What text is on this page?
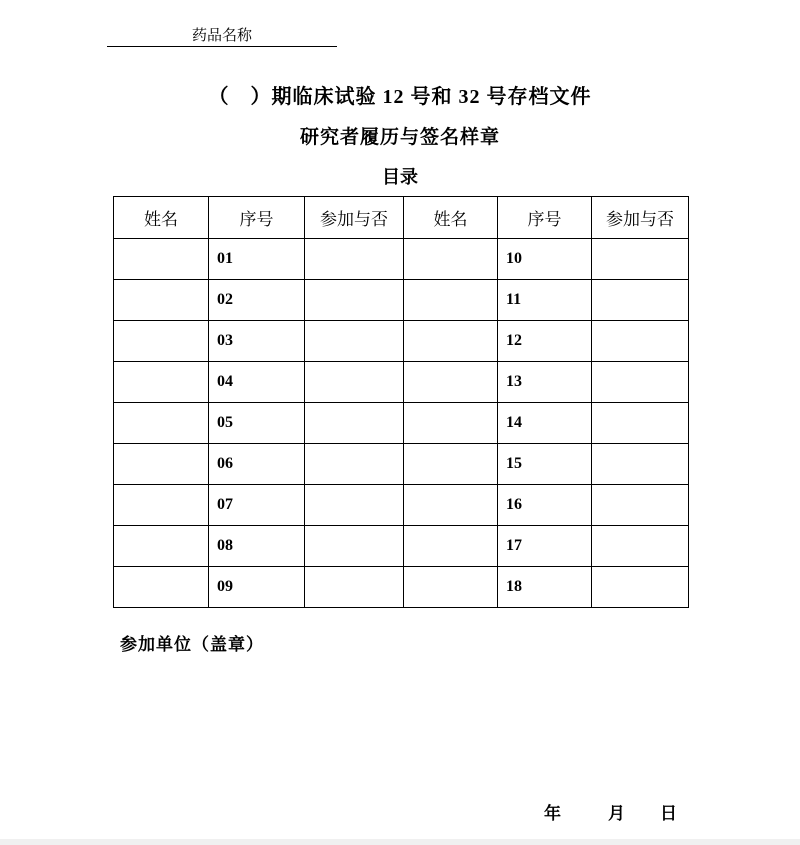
药品名称
（　）期临床试验 12 号和 32 号存档文件
研究者履历与签名样章
目录
姓名	序号	参加与否	姓名	序号	参加与否
	01			10	
	02			11	
	03			12	
	04			13	
	05			14	
	06			15	
	07			16	
	08			17	
	09			18	
参加单位（盖章）
年	月 日
